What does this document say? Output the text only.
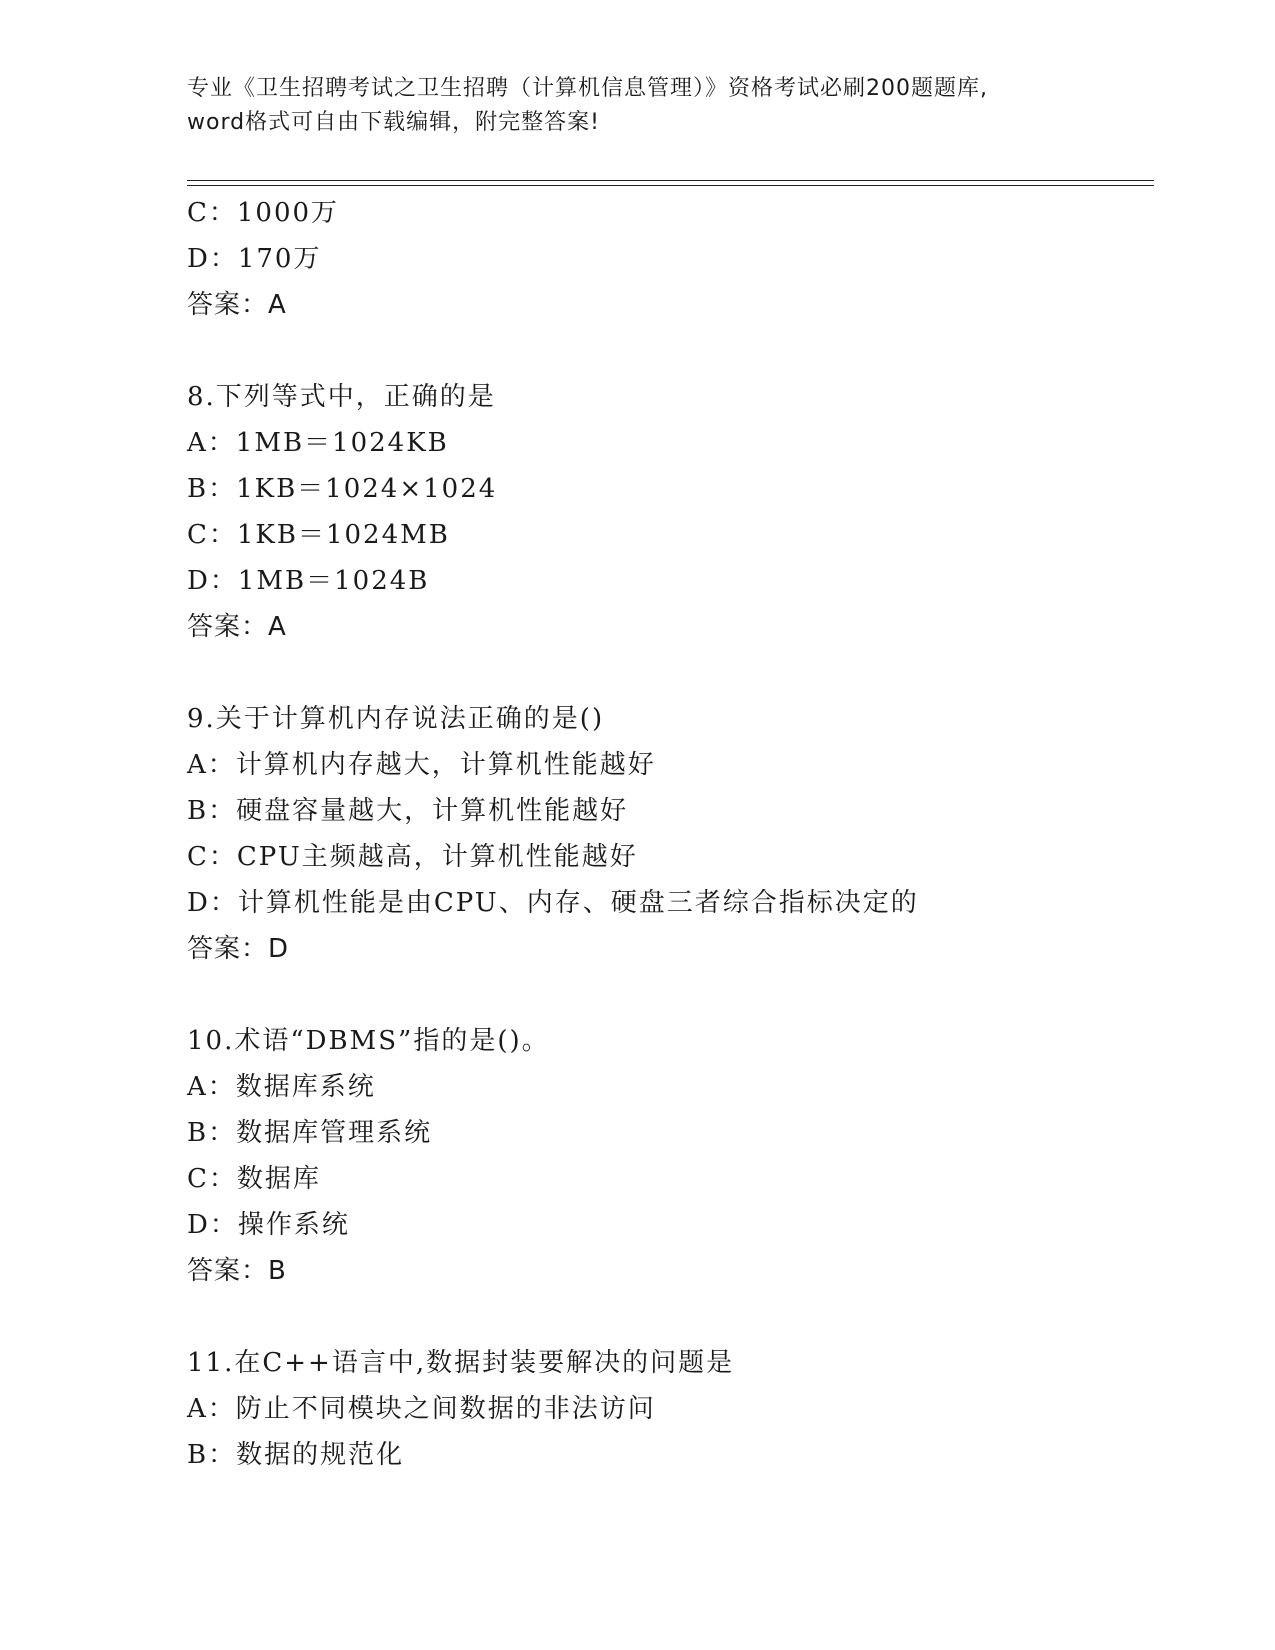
专业《卫生招聘考试之卫生招聘（计算机信息管理）》资格考试必刷200题题库,
word格式可自由下载编辑，附完整答案!
C：1000万
D：170万
答案：A
8.下列等式中，正确的是
A：1MB＝1024KB
B：1KB＝1024×1024
C：1KB＝1024MB
D：1MB＝1024B
答案：A
9.关于计算机内存说法正确的是()
A：计算机内存越大，计算机性能越好
B：硬盘容量越大，计算机性能越好
C：CPU主频越高，计算机性能越好
D：计算机性能是由CPU、内存、硬盘三者综合指标决定的
答案：D
10.术语“DBMS”指的是()。
A：数据库系统
B：数据库管理系统
C：数据库
D：操作系统
答案：B
11.在C++语言中,数据封装要解决的问题是
A：防止不同模块之间数据的非法访问
B：数据的规范化
